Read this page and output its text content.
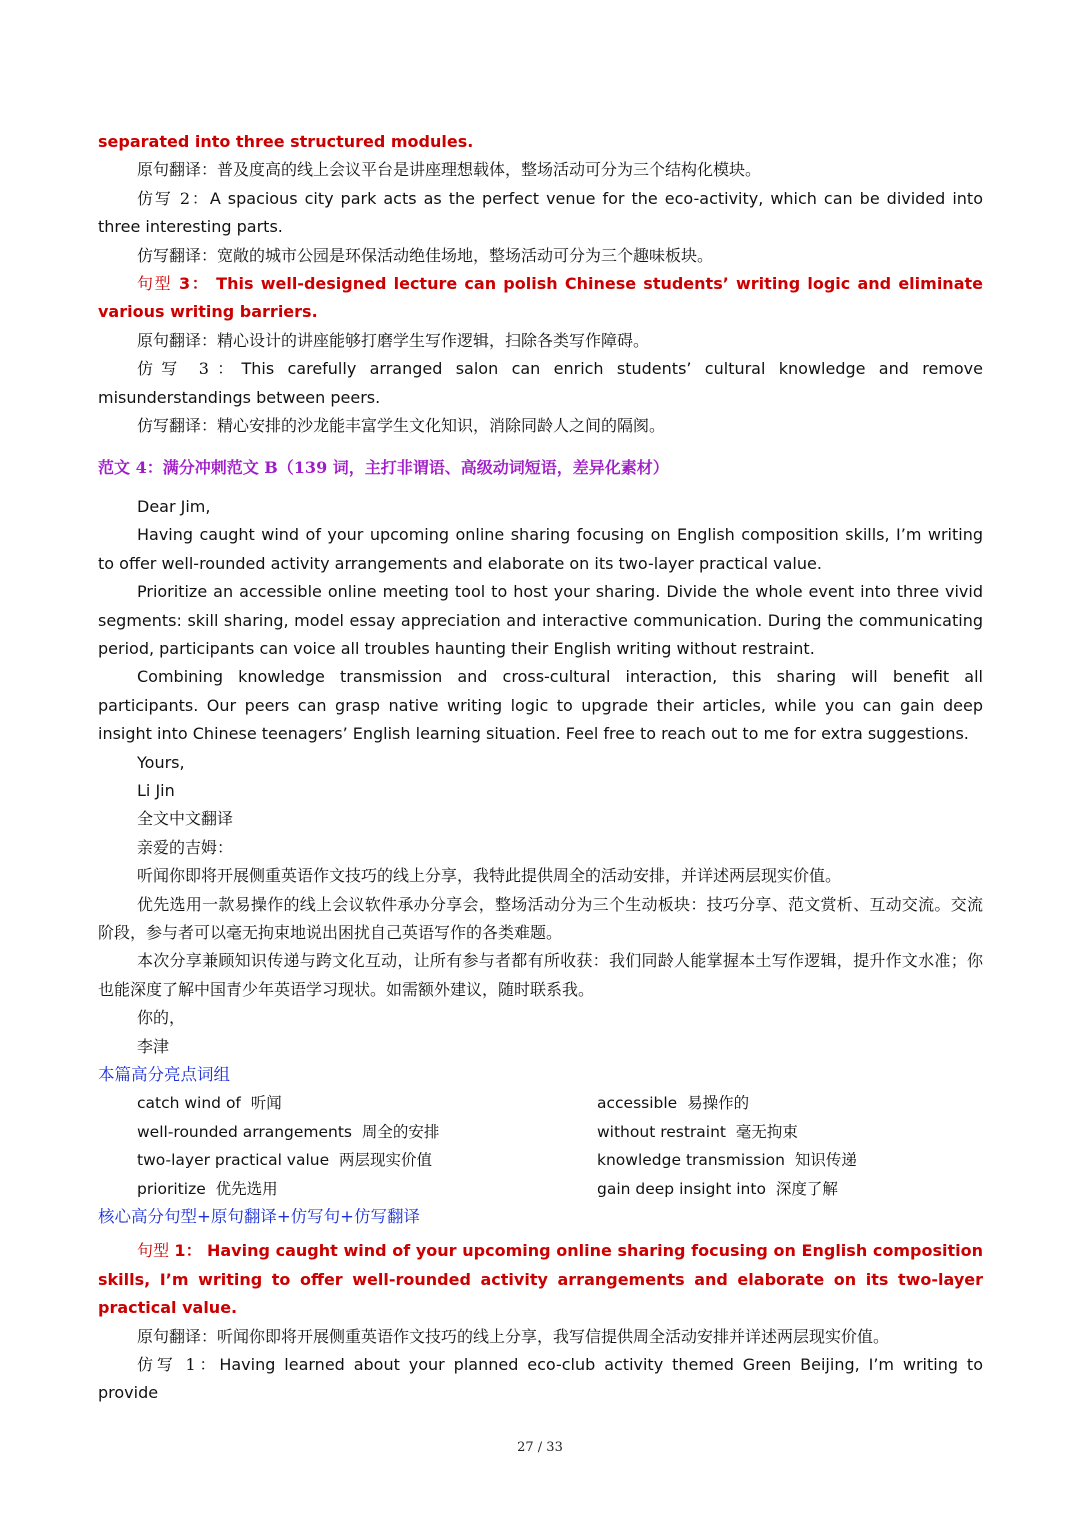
separated into three structured modules.

原句翻译：普及度高的线上会议平台是讲座理想载体，整场活动可分为三个结构化模块。

仿写 2：A spacious city park acts as the perfect venue for the eco-activity, which can be divided into three interesting parts.

仿写翻译：宽敞的城市公园是环保活动绝佳场地，整场活动可分为三个趣味板块。

句型 3： This well-designed lecture can polish Chinese students’ writing logic and eliminate various writing barriers.

原句翻译：精心设计的讲座能够打磨学生写作逻辑，扫除各类写作障碍。

仿写 3：This carefully arranged salon can enrich students’ cultural knowledge and remove misunderstandings between peers.

仿写翻译：精心安排的沙龙能丰富学生文化知识，消除同龄人之间的隔阂。

范文 4：满分冲刺范文 B（139 词，主打非谓语、高级动词短语，差异化素材）

Dear Jim,

Having caught wind of your upcoming online sharing focusing on English composition skills, I’m writing to offer well-rounded activity arrangements and elaborate on its two-layer practical value.

Prioritize an accessible online meeting tool to host your sharing. Divide the whole event into three vivid segments: skill sharing, model essay appreciation and interactive communication. During the communicating period, participants can voice all troubles haunting their English writing without restraint.

Combining knowledge transmission and cross-cultural interaction, this sharing will benefit all participants. Our peers can grasp native writing logic to upgrade their articles, while you can gain deep insight into Chinese teenagers’ English learning situation. Feel free to reach out to me for extra suggestions.

Yours,

Li Jin

全文中文翻译

亲爱的吉姆：

听闻你即将开展侧重英语作文技巧的线上分享，我特此提供周全的活动安排，并详述两层现实价值。

优先选用一款易操作的线上会议软件承办分享会，整场活动分为三个生动板块：技巧分享、范文赏析、互动交流。交流阶段，参与者可以毫无拘束地说出困扰自己英语写作的各类难题。

本次分享兼顾知识传递与跨文化互动，让所有参与者都有所收获：我们同龄人能掌握本土写作逻辑，提升作文水准；你也能深度了解中国青少年英语学习现状。如需额外建议，随时联系我。

你的，

李津

本篇高分亮点词组

catch wind of 听闻	accessible 易操作的

well-rounded arrangements 周全的安排	without restraint 毫无拘束

two-layer practical value 两层现实价值	knowledge transmission 知识传递

prioritize 优先选用	gain deep insight into 深度了解

核心高分句型+原句翻译+仿写句+仿写翻译

句型 1： Having caught wind of your upcoming online sharing focusing on English composition skills, I’m writing to offer well-rounded activity arrangements and elaborate on its two-layer practical value.

原句翻译：听闻你即将开展侧重英语作文技巧的线上分享，我写信提供周全活动安排并详述两层现实价值。

仿写 1：Having learned about your planned eco-club activity themed Green Beijing, I’m writing to provide

27 / 33
